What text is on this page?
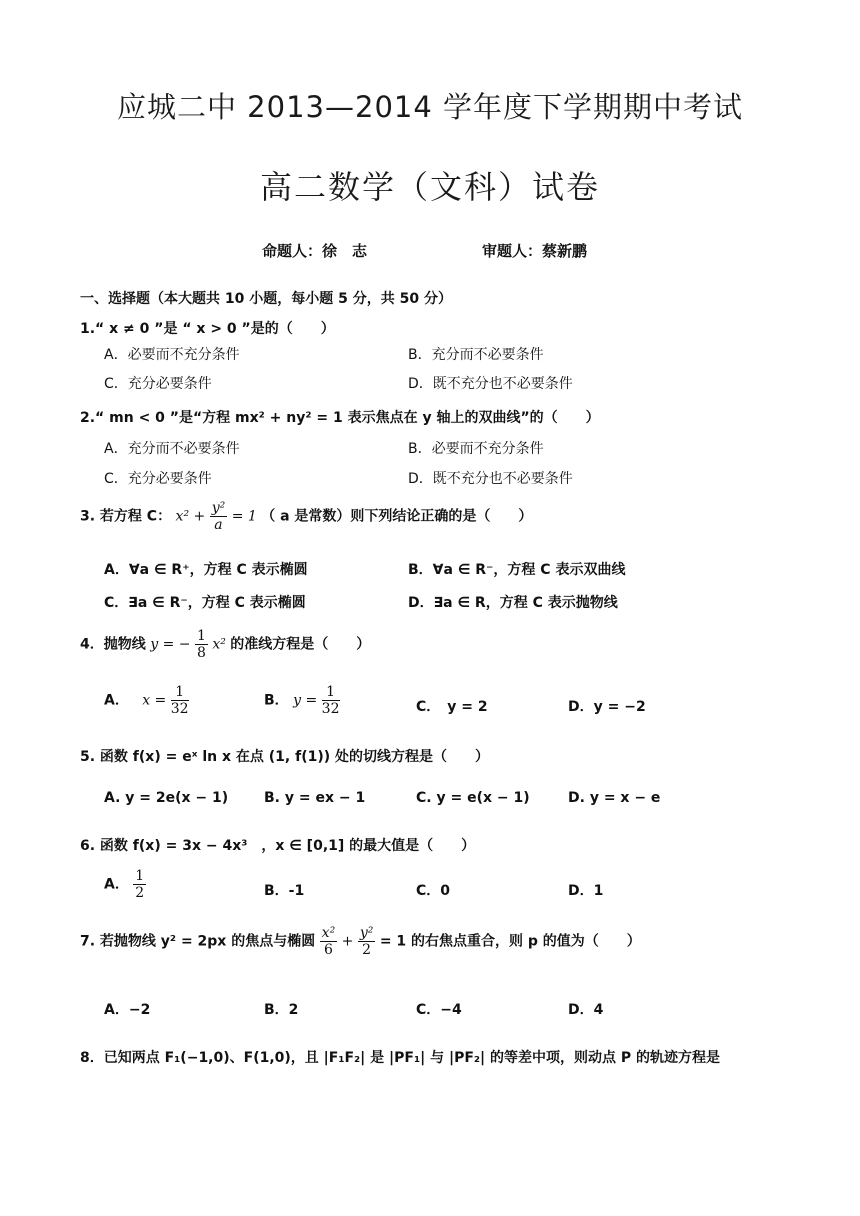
应城二中 2013—2014 学年度下学期期中考试
高二数学（文科）试卷
命题人：徐　志	审题人：蔡新鹏
一、选择题（本大题共 10 小题，每小题 5 分，共 50 分）
1.“ x ≠ 0 ”是 “ x > 0 ”是的（　　）
A．必要而不充分条件	B．充分而不必要条件
C．充分必要条件	D．既不充分也不必要条件
2.“ mn < 0 ”是“方程 mx² + ny² = 1 表示焦点在 y 轴上的双曲线”的（　　）
A．充分而不必要条件	B．必要而不充分条件
C．充分必要条件	D．既不充分也不必要条件
3. 若方程 C： $x^2 + \frac{\text{y²}}{a} = 1$ （ a 是常数）则下列结论正确的是（　　）
A．∀a ∈ R⁺，方程 C 表示椭圆	B．∀a ∈ R⁻，方程 C 表示双曲线
C．∃a ∈ R⁻，方程 C 表示椭圆	D．∃a ∈ R，方程 C 表示抛物线
4．抛物线 y = − $\frac{1}{8} x^2$ 的准线方程是（　　）
A． $x = \frac{1}{32}$	B． $y = \frac{1}{32}$	C．　y = 2	D．y = −2
5. 函数 f(x) = eˣ ln x 在点 (1, f(1)) 处的切线方程是（　　）
A. y = 2e(x − 1)	B. y = ex − 1	C. y = e(x − 1)	D. y = x − e
6. 函数 f(x) = 3x − 4x³　，x ∈ [0,1] 的最大值是（　　）
A． $\frac{1}{2}$	B．-1	C．0	D．1
7. 若抛物线 y² = 2px 的焦点与椭圆 $\frac{\text{x²}}{6} + \frac{\text{y²}}{2} = 1$ 的右焦点重合，则 p 的值为（　　）
A．−2	B．2	C．−4	D．4
8．已知两点 F₁(−1,0)、F(1,0)，且 |F₁F₂| 是 |PF₁| 与 |PF₂| 的等差中项，则动点 P 的轨迹方程是
